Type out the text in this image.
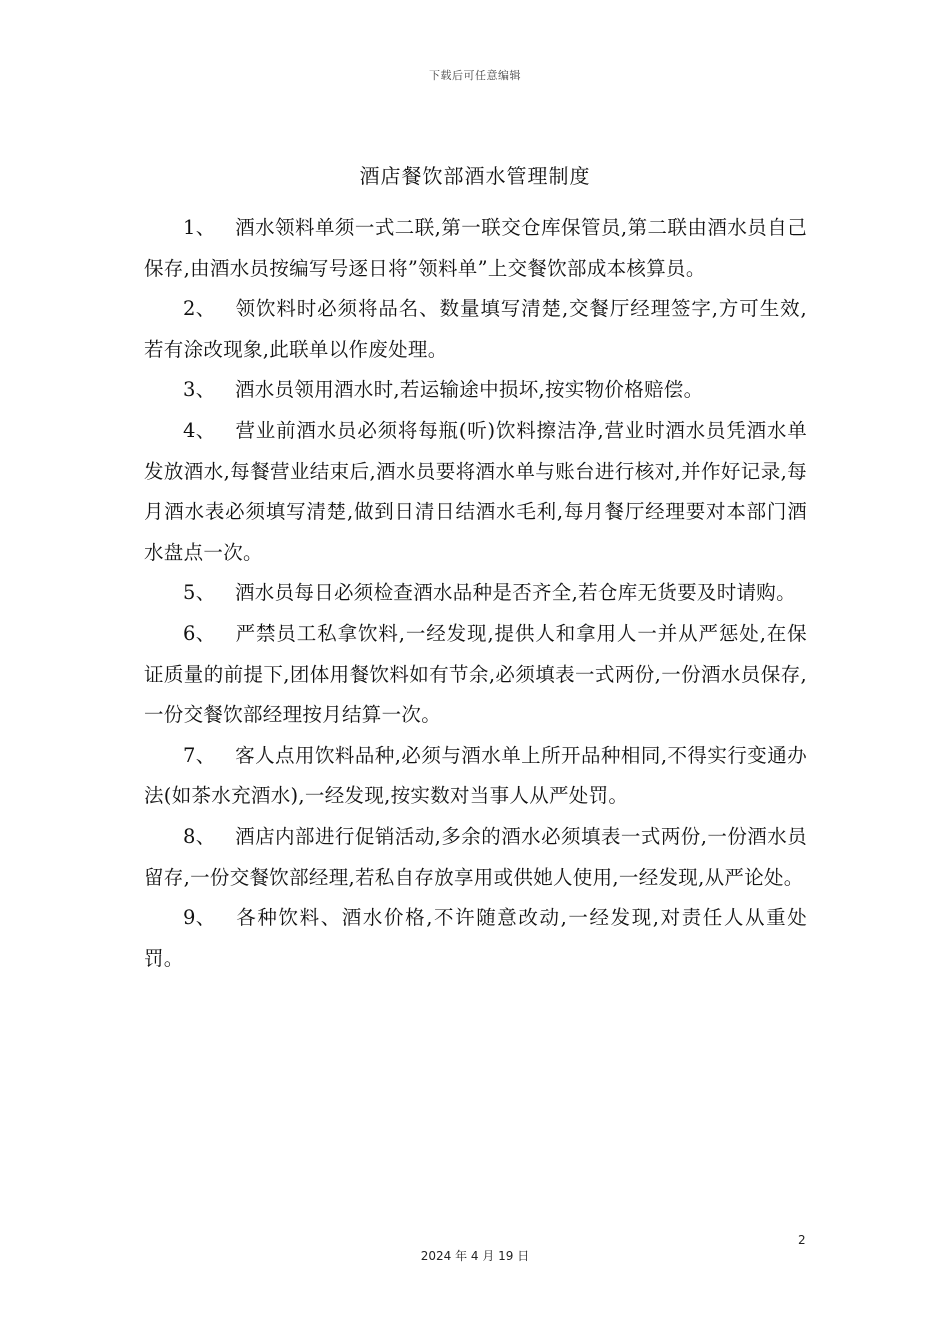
下载后可任意编辑
酒店餐饮部酒水管理制度

1、 酒水领料单须一式二联,第一联交仓库保管员,第二联由酒水员自己保存,由酒水员按编写号逐日将”领料单”上交餐饮部成本核算员。

2、 领饮料时必须将品名、数量填写清楚,交餐厅经理签字,方可生效,若有涂改现象,此联单以作废处理。

3、 酒水员领用酒水时,若运输途中损坏,按实物价格赔偿。

4、 营业前酒水员必须将每瓶(听)饮料擦洁净,营业时酒水员凭酒水单发放酒水,每餐营业结束后,酒水员要将酒水单与账台进行核对,并作好记录,每月酒水表必须填写清楚,做到日清日结酒水毛利,每月餐厅经理要对本部门酒水盘点一次。

5、 酒水员每日必须检查酒水品种是否齐全,若仓库无货要及时请购。

6、 严禁员工私拿饮料,一经发现,提供人和拿用人一并从严惩处,在保证质量的前提下,团体用餐饮料如有节余,必须填表一式两份,一份酒水员保存,一份交餐饮部经理按月结算一次。

7、 客人点用饮料品种,必须与酒水单上所开品种相同,不得实行变通办法(如茶水充酒水),一经发现,按实数对当事人从严处罚。

8、 酒店内部进行促销活动,多余的酒水必须填表一式两份,一份酒水员留存,一份交餐饮部经理,若私自存放享用或供她人使用,一经发现,从严论处。

9、 各种饮料、酒水价格,不许随意改动,一经发现,对责任人从重处罚。

2
2024 年 4 月 19 日
